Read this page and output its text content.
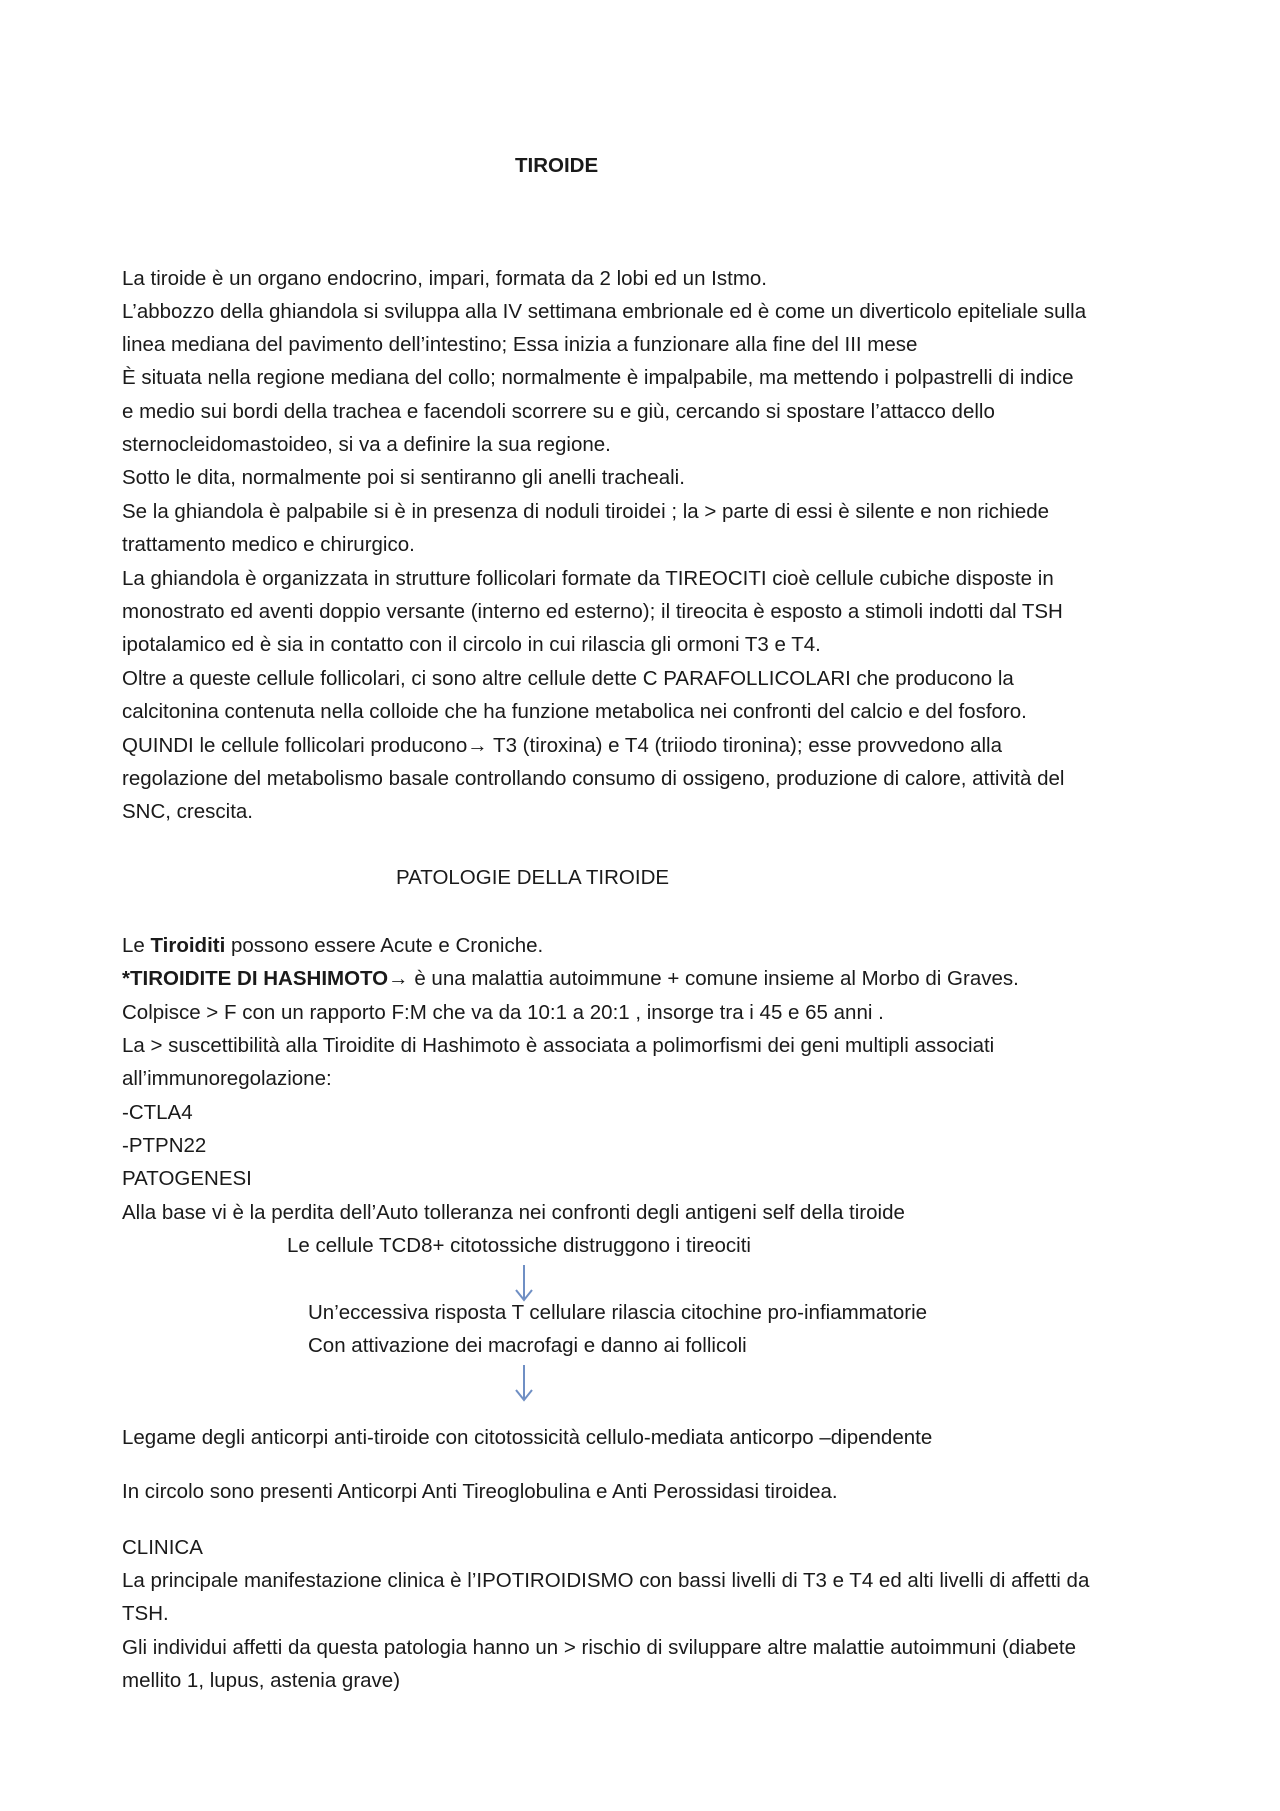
TIROIDE
La tiroide è un organo endocrino, impari, formata da 2 lobi ed un Istmo.
L’abbozzo della ghiandola si sviluppa alla IV settimana embrionale ed è come un diverticolo epiteliale sulla
linea mediana del pavimento dell’intestino; Essa inizia a funzionare alla fine del III mese
È situata nella regione mediana del collo; normalmente è impalpabile, ma mettendo i polpastrelli di indice
e medio sui bordi della trachea e facendoli scorrere su e giù, cercando si spostare l’attacco dello
sternocleidomastoideo, si va a definire la sua regione.
Sotto le dita, normalmente poi si sentiranno gli anelli tracheali.
Se la ghiandola è palpabile si è in presenza di noduli tiroidei ; la > parte di essi è silente e non richiede
trattamento medico e chirurgico.
La ghiandola è organizzata in strutture follicolari formate da TIREOCITI cioè cellule cubiche disposte in
monostrato ed aventi doppio versante (interno ed esterno); il tireocita è esposto a stimoli indotti dal TSH
ipotalamico ed è sia in contatto con il circolo in cui rilascia gli ormoni T3 e T4.
Oltre a queste cellule follicolari, ci sono altre cellule dette C PARAFOLLICOLARI che producono la
calcitonina contenuta nella colloide che ha funzione metabolica nei confronti del calcio e del fosforo.
QUINDI le cellule follicolari producono→ T3 (tiroxina) e T4 (triiodo tironina); esse provvedono alla
regolazione del metabolismo basale controllando consumo di ossigeno, produzione di calore, attività del
SNC, crescita.
PATOLOGIE DELLA TIROIDE
Le Tiroiditi possono essere Acute e Croniche.
*TIROIDITE DI HASHIMOTO→ è una malattia autoimmune + comune insieme al Morbo di Graves.
Colpisce > F con un rapporto F:M che va da 10:1 a 20:1 , insorge tra i 45 e 65 anni .
La > suscettibilità alla Tiroidite di Hashimoto è associata a polimorfismi dei geni multipli associati
all’immunoregolazione:
-CTLA4
-PTPN22
PATOGENESI
Alla base vi è la perdita dell’Auto tolleranza nei confronti degli antigeni self della tiroide
Le cellule TCD8+ citotossiche distruggono i tireociti
Un’eccessiva risposta T cellulare rilascia citochine pro-infiammatorie
Con attivazione dei macrofagi e danno ai follicoli
Legame degli anticorpi anti-tiroide con citotossicità cellulo-mediata anticorpo –dipendente
In circolo sono presenti Anticorpi Anti Tireoglobulina e Anti Perossidasi tiroidea.
CLINICA
La principale manifestazione clinica è l’IPOTIROIDISMO con bassi livelli di T3 e T4 ed alti livelli di affetti da
TSH.
Gli individui affetti da questa patologia hanno un > rischio di sviluppare altre malattie autoimmuni (diabete
mellito 1, lupus, astenia grave)
